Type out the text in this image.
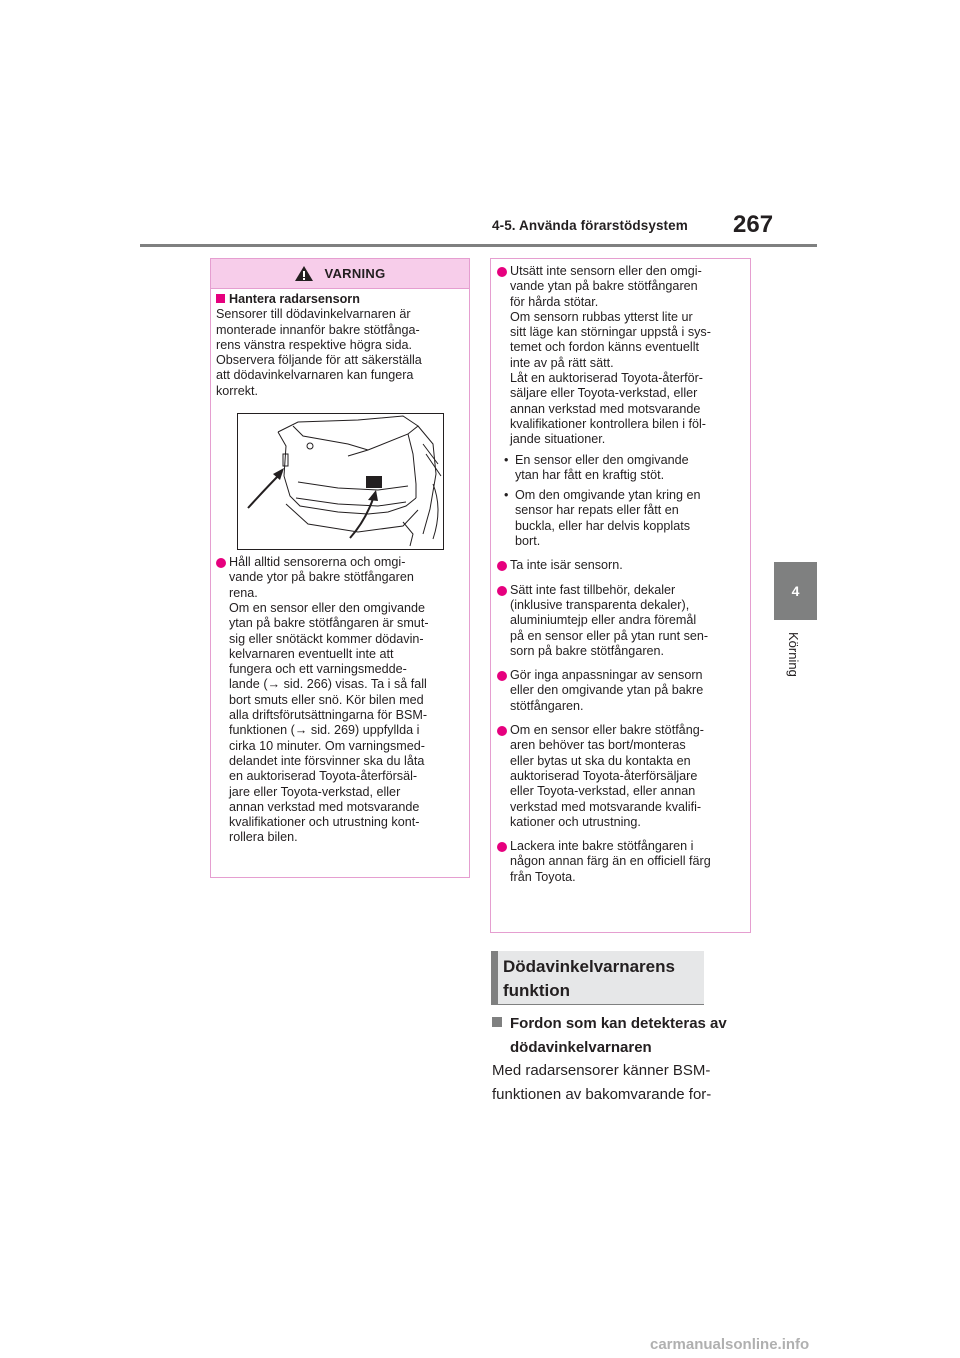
4-5. Använda förarstödsystem 267
4
Körning
VARNING

Hantera radarsensorn

Sensorer till dödavinkelvarnaren är

monterade innanför bakre stötfånga-

rens vänstra respektive högra sida.

Observera följande för att säkerställa

att dödavinkelvarnaren kan fungera

korrekt.

Håll alltid sensorerna och omgi-

vande ytor på bakre stötfångaren

rena.

Om en sensor eller den omgivande

ytan på bakre stötfångaren är smut-

sig eller snötäckt kommer dödavin-

kelvarnaren eventuellt inte att

fungera och ett varningsmedde-

lande (→ sid. 266) visas. Ta i så fall

bort smuts eller snö. Kör bilen med

alla driftsförutsättningarna för BSM-

funktionen (→ sid. 269) uppfyllda i

cirka 10 minuter. Om varningsmed-

delandet inte försvinner ska du låta

en auktoriserad Toyota-återförsäl-

jare eller Toyota-verkstad, eller

annan verkstad med motsvarande

kvalifikationer och utrustning kont-

rollera bilen.

Utsätt inte sensorn eller den omgi-

vande ytan på bakre stötfångaren

för hårda stötar.

Om sensorn rubbas ytterst lite ur

sitt läge kan störningar uppstå i sys-

temet och fordon känns eventuellt

inte av på rätt sätt.

Låt en auktoriserad Toyota-återför-

säljare eller Toyota-verkstad, eller

annan verkstad med motsvarande

kvalifikationer kontrollera bilen i föl-

jande situationer.

• En sensor eller den omgivande

ytan har fått en kraftig stöt.

• Om den omgivande ytan kring en

sensor har repats eller fått en

buckla, eller har delvis kopplats

bort.

Ta inte isär sensorn.

Sätt inte fast tillbehör, dekaler

(inklusive transparenta dekaler),

aluminiumtejp eller andra föremål

på en sensor eller på ytan runt sen-

sorn på bakre stötfångaren.

Gör inga anpassningar av sensorn

eller den omgivande ytan på bakre

stötfångaren.

Om en sensor eller bakre stötfång-

aren behöver tas bort/monteras

eller bytas ut ska du kontakta en

auktoriserad Toyota-återförsäljare

eller Toyota-verkstad, eller annan

verkstad med motsvarande kvalifi-

kationer och utrustning.

Lackera inte bakre stötfångaren i

någon annan färg än en officiell färg

från Toyota.

Dödavinkelvarnarens
funktion
Fordon som kan detekteras av
dödavinkelvarnaren
Med radarsensorer känner BSM-
funktionen av bakomvarande for-
carmanualsonline.info
